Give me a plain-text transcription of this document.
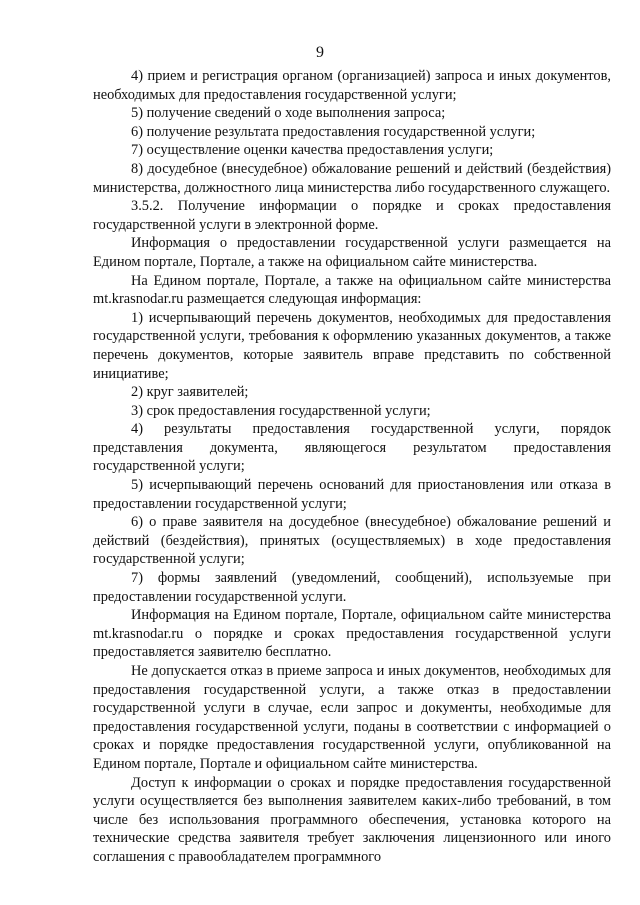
9

4) прием и регистрация органом (организацией) запроса и иных документов, необходимых для предоставления государственной услуги;

5) получение сведений о ходе выполнения запроса;

6) получение результата предоставления государственной услуги;

7) осуществление оценки качества предоставления услуги;

8) досудебное (внесудебное) обжалование решений и действий (бездействия) министерства, должностного лица министерства либо государственного служащего.

3.5.2. Получение информации о порядке и сроках предоставления государственной услуги в электронной форме.

Информация о предоставлении государственной услуги размещается на Едином портале, Портале, а также на официальном сайте министерства.

На Едином портале, Портале, а также на официальном сайте министерства mt.krasnodar.ru размещается следующая информация:

1) исчерпывающий перечень документов, необходимых для предоставления государственной услуги, требования к оформлению указанных документов, а также перечень документов, которые заявитель вправе представить по собственной инициативе;

2) круг заявителей;

3) срок предоставления государственной услуги;

4) результаты предоставления государственной услуги, порядок представления документа, являющегося результатом предоставления государственной услуги;

5) исчерпывающий перечень оснований для приостановления или отказа в предоставлении государственной услуги;

6) о праве заявителя на досудебное (внесудебное) обжалование решений и действий (бездействия), принятых (осуществляемых) в ходе предоставления государственной услуги;

7) формы заявлений (уведомлений, сообщений), используемые при предоставлении государственной услуги.

Информация на Едином портале, Портале, официальном сайте министерства mt.krasnodar.ru о порядке и сроках предоставления государственной услуги предоставляется заявителю бесплатно.

Не допускается отказ в приеме запроса и иных документов, необходимых для предоставления государственной услуги, а также отказ в предоставлении государственной услуги в случае, если запрос и документы, необходимые для предоставления государственной услуги, поданы в соответствии с информацией о сроках и порядке предоставления государственной услуги, опубликованной на Едином портале, Портале и официальном сайте министерства.

Доступ к информации о сроках и порядке предоставления государственной услуги осуществляется без выполнения заявителем каких-либо требований, в том числе без использования программного обеспечения, установка которого на технические средства заявителя требует заключения лицензионного или иного соглашения с правообладателем программного
